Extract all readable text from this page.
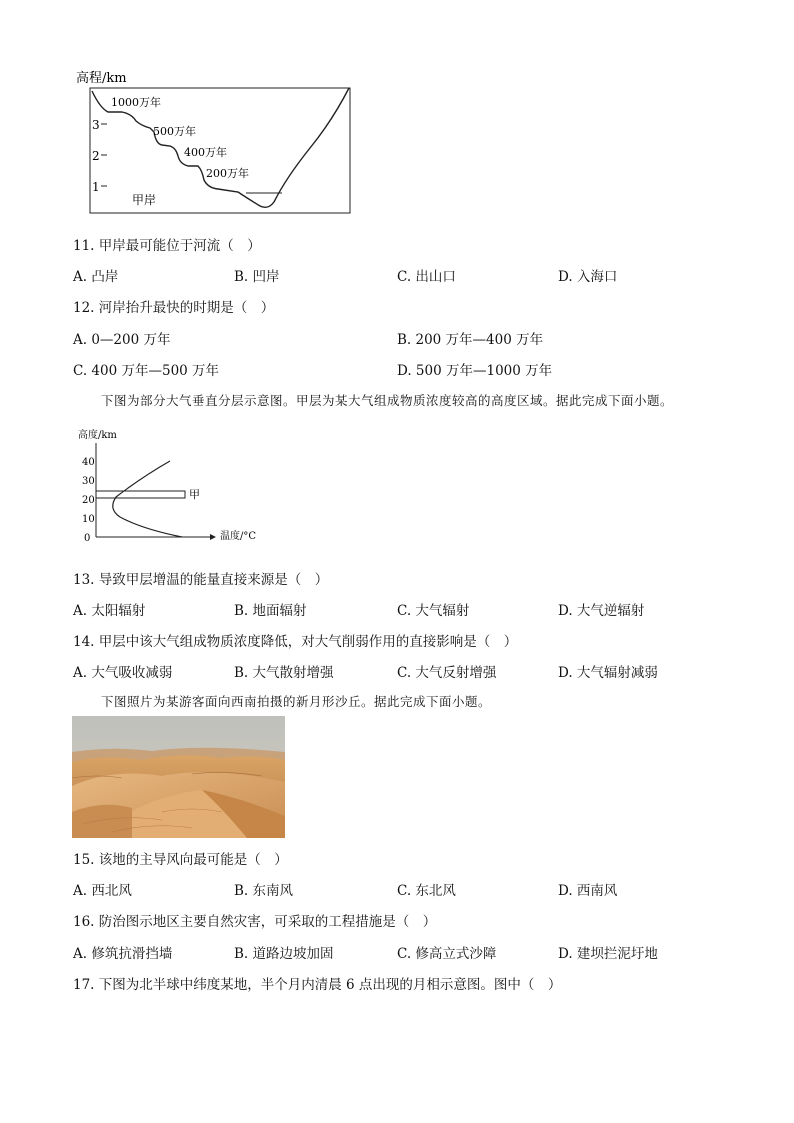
高程/km
3
2
1
1000万年
500万年
400万年
200万年
甲岸
11. 甲岸最可能位于河流（　）
A. 凸岸	B. 凹岸	C. 出山口	D. 入海口
12. 河岸抬升最快的时期是（　）
A. 0—200 万年	B. 200 万年—400 万年
C. 400 万年—500 万年	D. 500 万年—1000 万年
下图为部分大气垂直分层示意图。甲层为某大气组成物质浓度较高的高度区域。据此完成下面小题。
高度/km
40
30
20
10
0
甲
温度/°C
13. 导致甲层增温的能量直接来源是（　）
A. 太阳辐射	B. 地面辐射	C. 大气辐射	D. 大气逆辐射
14. 甲层中该大气组成物质浓度降低，对大气削弱作用的直接影响是（　）
A. 大气吸收减弱	B. 大气散射增强	C. 大气反射增强	D. 大气辐射减弱
下图照片为某游客面向西南拍摄的新月形沙丘。据此完成下面小题。
15. 该地的主导风向最可能是（　）
A. 西北风	B. 东南风	C. 东北风	D. 西南风
16. 防治图示地区主要自然灾害，可采取的工程措施是（　）
A. 修筑抗滑挡墙	B. 道路边坡加固	C. 修高立式沙障	D. 建坝拦泥圩地
17. 下图为北半球中纬度某地，半个月内清晨 6 点出现的月相示意图。图中（　）
